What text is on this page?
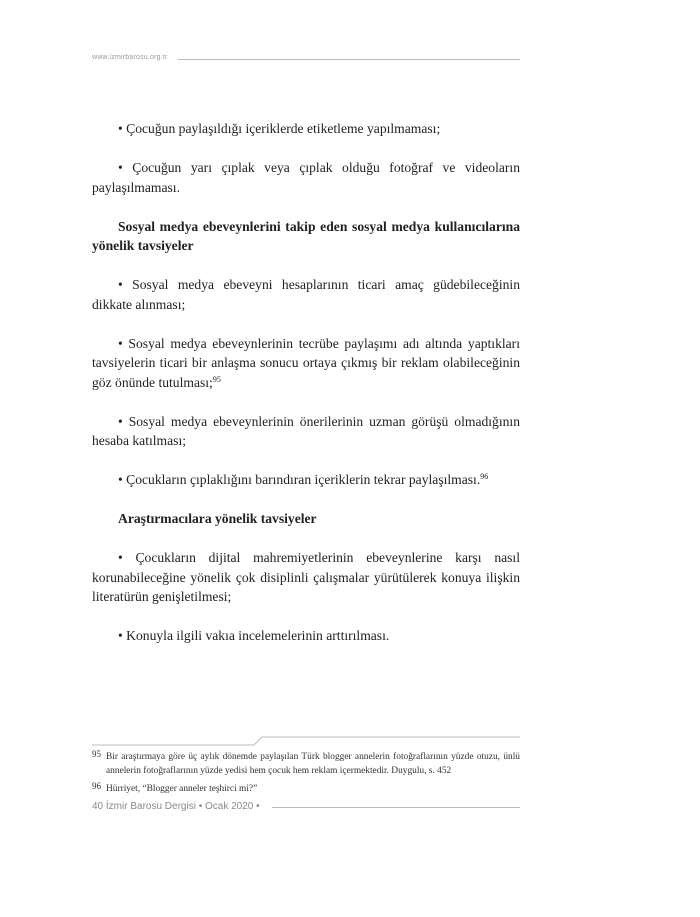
www.izmirbarosu.org.tr

• Çocuğun paylaşıldığı içeriklerde etiketleme yapılmaması;

• Çocuğun yarı çıplak veya çıplak olduğu fotoğraf ve videoların paylaşılmaması.

Sosyal medya ebeveynlerini takip eden sosyal medya kullanıcılarına yönelik tavsiyeler

• Sosyal medya ebeveyni hesaplarının ticari amaç güdebileceğinin dikkate alınması;

• Sosyal medya ebeveynlerinin tecrübe paylaşımı adı altında yaptıkları tavsiyelerin ticari bir anlaşma sonucu ortaya çıkmış bir reklam olabileceğinin göz önünde tutulması;$^{95}$

• Sosyal medya ebeveynlerinin önerilerinin uzman görüşü olmadığının hesaba katılması;

• Çocukların çıplaklığını barındıran içeriklerin tekrar paylaşılması.$^{96}$

Araştırmacılara yönelik tavsiyeler

• Çocukların dijital mahremiyetlerinin ebeveynlerine karşı nasıl korunabileceğine yönelik çok disiplinli çalışmalar yürütülerek konuya ilişkin literatürün genişletilmesi;

• Konuyla ilgili vakıa incelemelerinin arttırılması.

95 Bir araştırmaya göre üç aylık dönemde paylaşılan Türk blogger annelerin fotoğraflarının yüzde otuzu, ünlü annelerin fotoğraflarının yüzde yedisi hem çocuk hem reklam içermektedir. Duygulu, s. 452
96 Hürriyet, “Blogger anneler teşhirci mi?”
40 İzmir Barosu Dergisi • Ocak 2020 •
